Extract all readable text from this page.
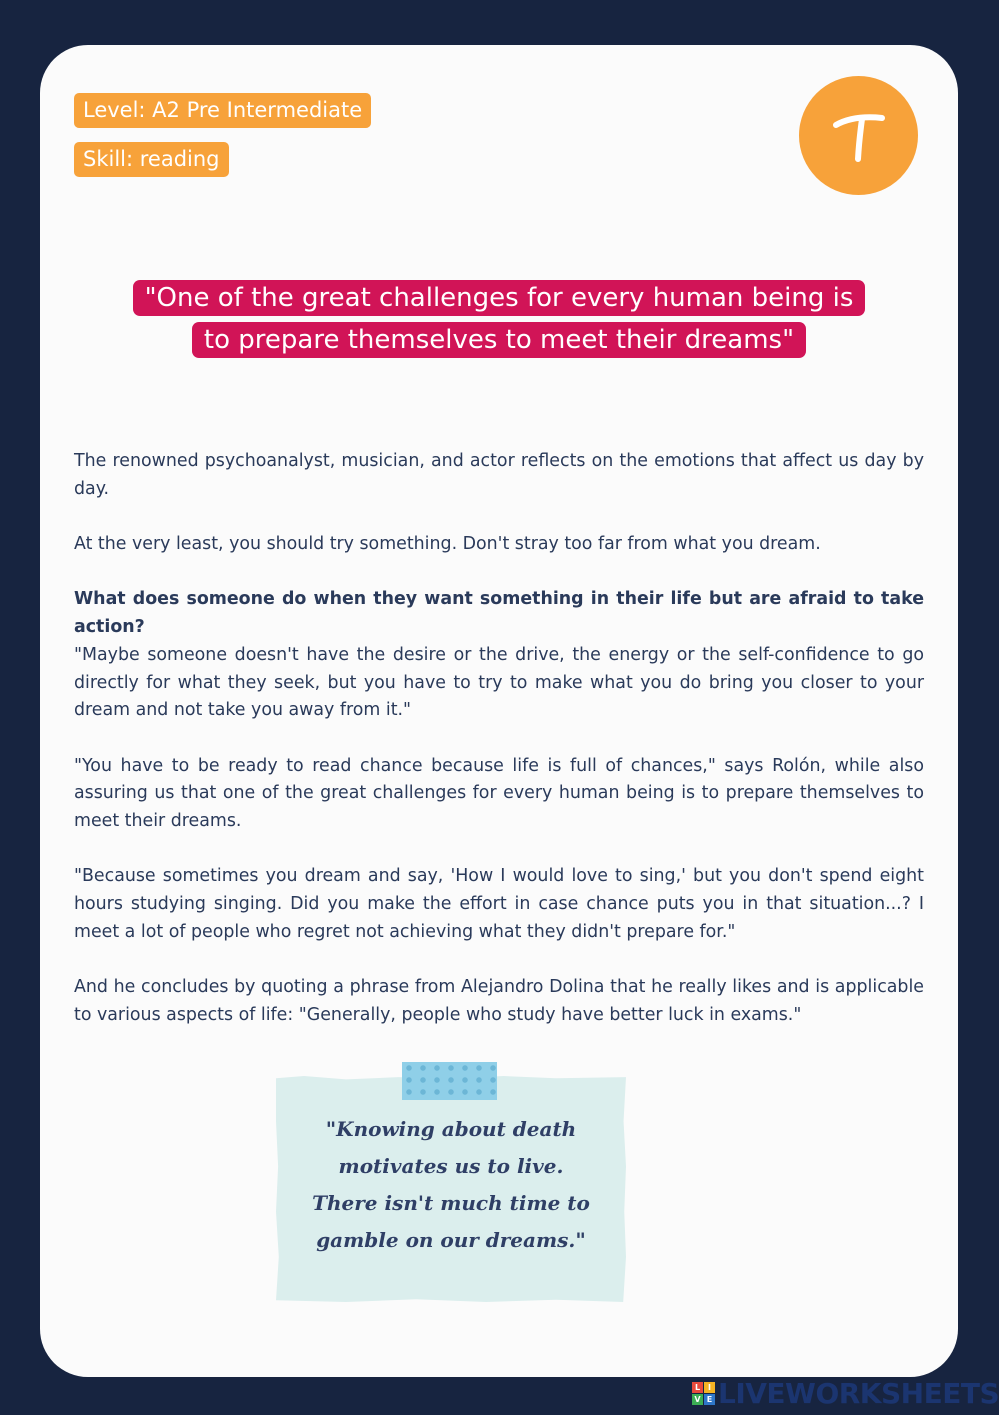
Level: A2 Pre Intermediate
Skill: reading
"One of the great challenges for every human being is
to prepare themselves to meet their dreams"

The renowned psychoanalyst, musician, and actor reflects on the emotions that affect us day by day.

At the very least, you should try something. Don't stray too far from what you dream.

What does someone do when they want something in their life but are afraid to take action?

"Maybe someone doesn't have the desire or the drive, the energy or the self-confidence to go directly for what they seek, but you have to try to make what you do bring you closer to your dream and not take you away from it."

"You have to be ready to read chance because life is full of chances," says Rolón, while also assuring us that one of the great challenges for every human being is to prepare themselves to meet their dreams.

"Because sometimes you dream and say, 'How I would love to sing,' but you don't spend eight hours studying singing. Did you make the effort in case chance puts you in that situation...? I meet a lot of people who regret not achieving what they didn't prepare for."

And he concludes by quoting a phrase from Alejandro Dolina that he really likes and is applicable to various aspects of life: "Generally, people who study have better luck in exams."

"Knowing about death
motivates us to live.
There isn't much time to
gamble on our dreams."
L I
V E LIVEWORKSHEETS
